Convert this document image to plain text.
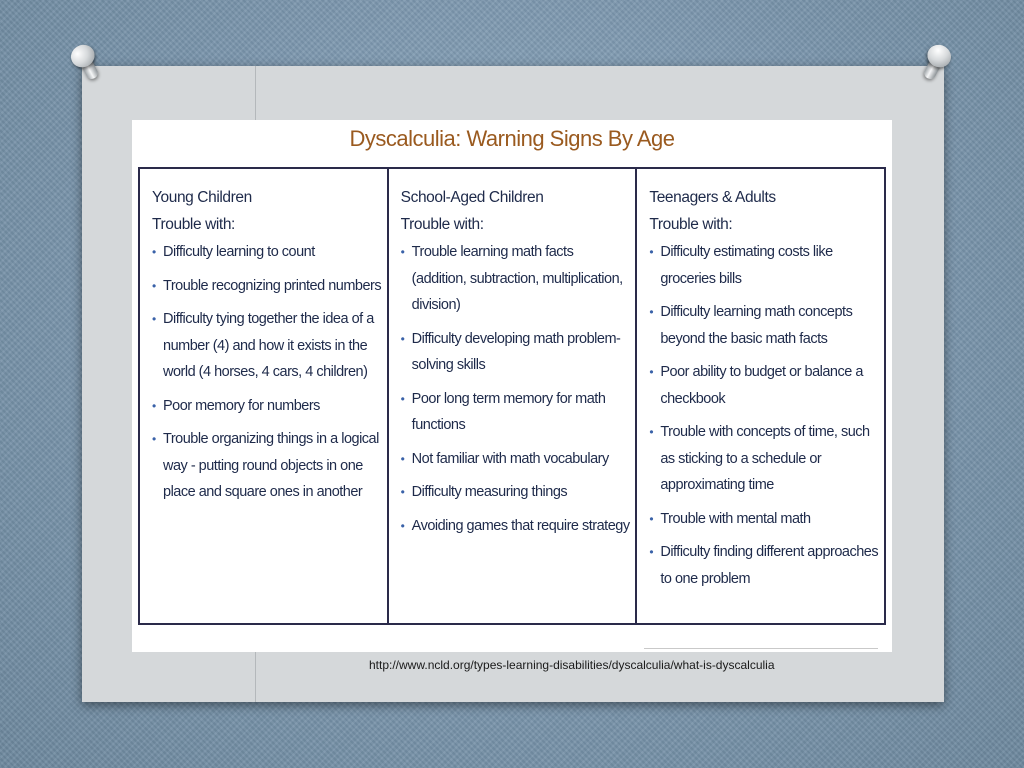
Dyscalculia: Warning Signs By Age
Young Children
Trouble with:
• Difficulty learning to count
• Trouble recognizing printed numbers
• Difficulty tying together the idea of a number (4) and how it exists in the world (4 horses, 4 cars, 4 children)
• Poor memory for numbers
• Trouble organizing things in a logical way - putting round objects in one place and square ones in another
School-Aged Children
Trouble with:
• Trouble learning math facts (addition, subtraction, multiplication, division)
• Difficulty developing math problem-solving skills
• Poor long term memory for math functions
• Not familiar with math vocabulary
• Difficulty measuring things
• Avoiding games that require strategy
Teenagers & Adults
Trouble with:
• Difficulty estimating costs like groceries bills
• Difficulty learning math concepts beyond the basic math facts
• Poor ability to budget or balance a checkbook
• Trouble with concepts of time, such as sticking to a schedule or approximating time
• Trouble with mental math
• Difficulty finding different approaches to one problem
http://www.ncld.org/types-learning-disabilities/dyscalculia/what-is-dyscalculia
